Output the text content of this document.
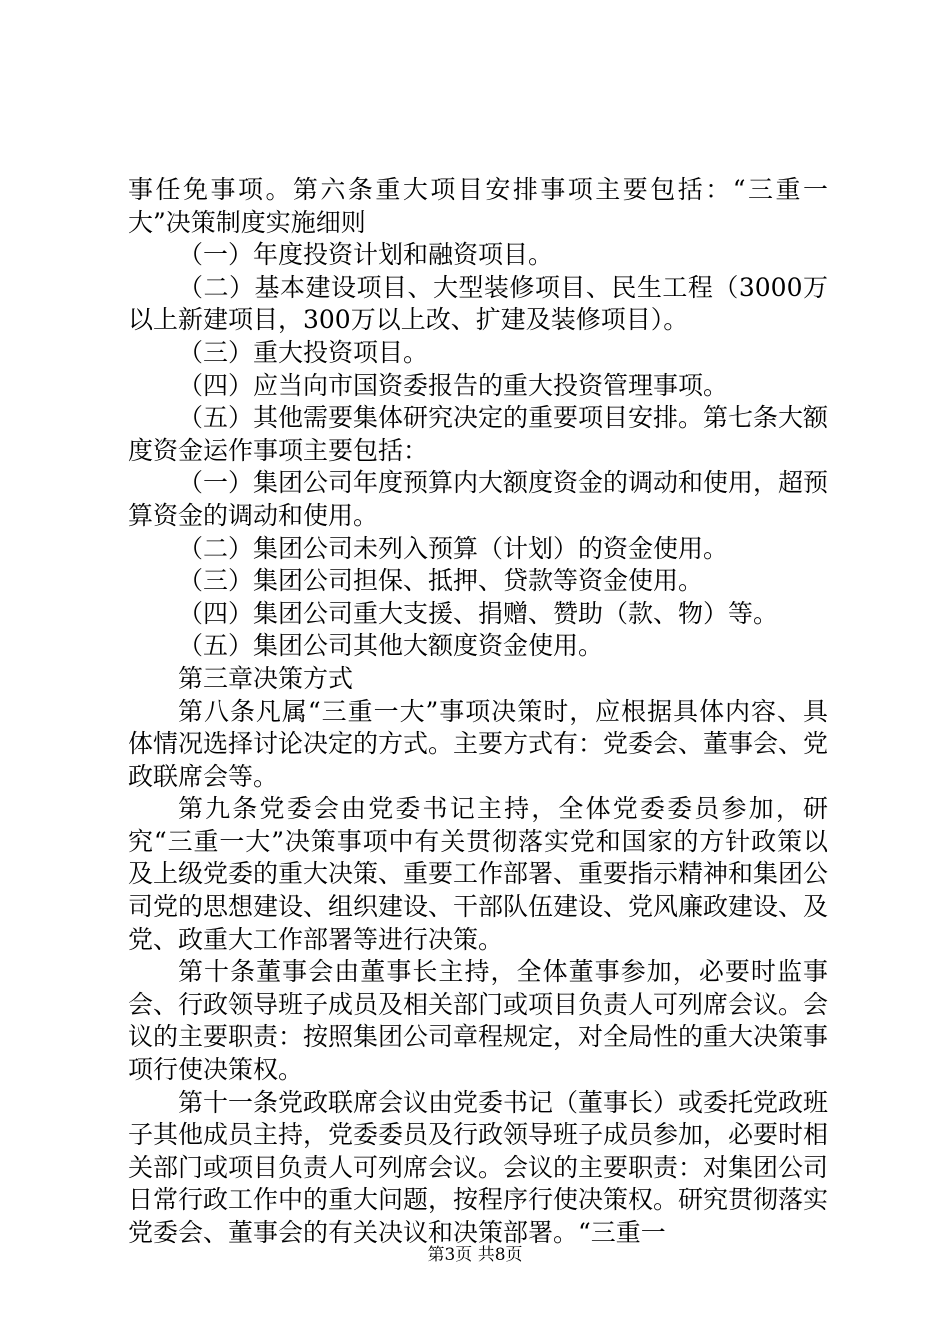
事任免事项。第六条重大项目安排事项主要包括：“三重一大”决策制度实施细则

（一）年度投资计划和融资项目。

（二）基本建设项目、大型装修项目、民生工程（3000万以上新建项目，300万以上改、扩建及装修项目）。

（三）重大投资项目。

（四）应当向市国资委报告的重大投资管理事项。

（五）其他需要集体研究决定的重要项目安排。第七条大额度资金运作事项主要包括：

（一）集团公司年度预算内大额度资金的调动和使用，超预算资金的调动和使用。

（二）集团公司未列入预算（计划）的资金使用。

（三）集团公司担保、抵押、贷款等资金使用。

（四）集团公司重大支援、捐赠、赞助（款、物）等。

（五）集团公司其他大额度资金使用。

第三章决策方式

第八条凡属“三重一大”事项决策时，应根据具体内容、具体情况选择讨论决定的方式。主要方式有：党委会、董事会、党政联席会等。

第九条党委会由党委书记主持，全体党委委员参加，研究“三重一大”决策事项中有关贯彻落实党和国家的方针政策以及上级党委的重大决策、重要工作部署、重要指示精神和集团公司党的思想建设、组织建设、干部队伍建设、党风廉政建设、及党、政重大工作部署等进行决策。

第十条董事会由董事长主持，全体董事参加，必要时监事会、行政领导班子成员及相关部门或项目负责人可列席会议。会议的主要职责：按照集团公司章程规定，对全局性的重大决策事项行使决策权。

第十一条党政联席会议由党委书记（董事长）或委托党政班子其他成员主持，党委委员及行政领导班子成员参加，必要时相关部门或项目负责人可列席会议。会议的主要职责：对集团公司日常行政工作中的重大问题，按程序行使决策权。研究贯彻落实党委会、董事会的有关决议和决策部署。“三重一

第3页 共8页
